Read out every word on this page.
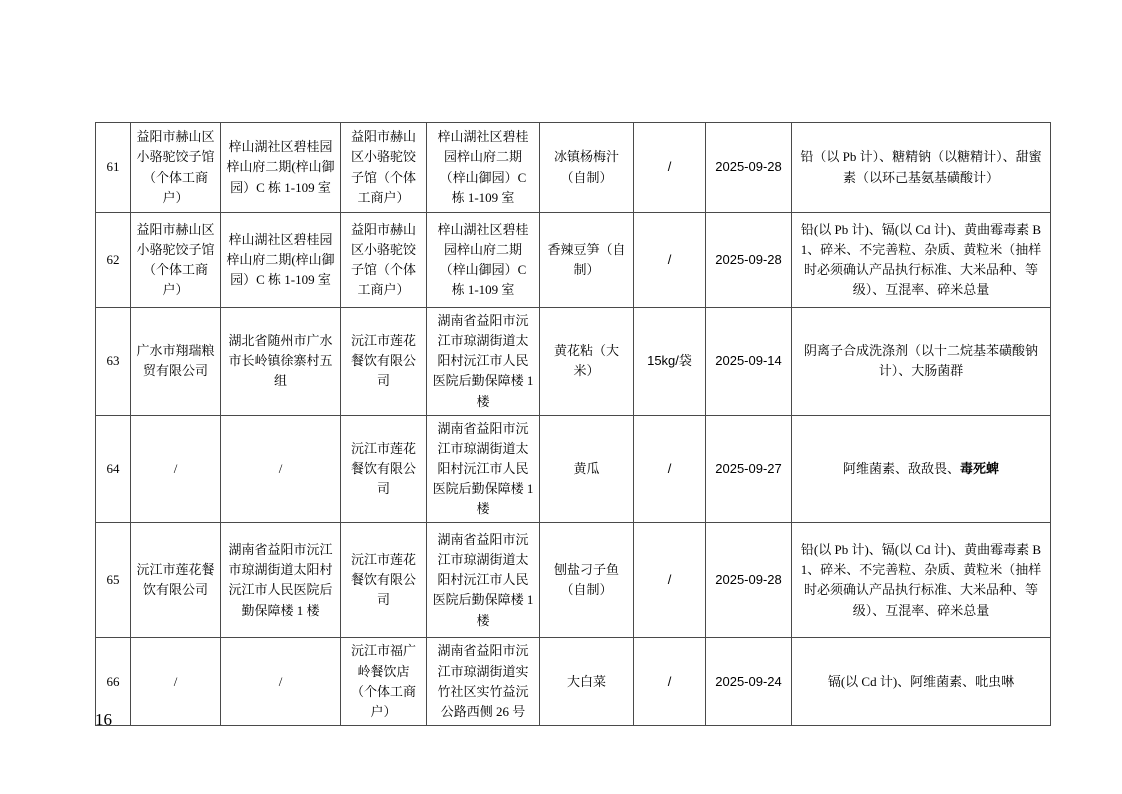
61	益阳市赫山区小骆驼饺子馆（个体工商户）	梓山湖社区碧桂园梓山府二期(梓山御园）C 栋 1-109 室	益阳市赫山区小骆驼饺子馆（个体工商户）	梓山湖社区碧桂园梓山府二期（梓山御园）C 栋 1-109 室	冰镇杨梅汁（自制）	/	2025-09-28	铅（以 Pb 计）、糖精钠（以糖精计）、甜蜜素（以环己基氨基磺酸计）
62	益阳市赫山区小骆驼饺子馆（个体工商户）	梓山湖社区碧桂园梓山府二期(梓山御园）C 栋 1-109 室	益阳市赫山区小骆驼饺子馆（个体工商户）	梓山湖社区碧桂园梓山府二期（梓山御园）C 栋 1-109 室	香辣豆笋（自制）	/	2025-09-28	铅(以 Pb 计)、镉(以 Cd 计)、黄曲霉毒素 B1、碎米、不完善粒、杂质、黄粒米（抽样时必须确认产品执行标准、大米品种、等级）、互混率、碎米总量
63	广水市翔瑞粮贸有限公司	湖北省随州市广水市长岭镇徐寨村五组	沅江市莲花餐饮有限公司	湖南省益阳市沅江市琼湖街道太阳村沅江市人民医院后勤保障楼 1 楼	黄花粘（大米）	15kg/袋	2025-09-14	阴离子合成洗涤剂（以十二烷基苯磺酸钠计）、大肠菌群
64	/	/	沅江市莲花餐饮有限公司	湖南省益阳市沅江市琼湖街道太阳村沅江市人民医院后勤保障楼 1 楼	黄瓜	/	2025-09-27	阿维菌素、敌敌畏、毒死蜱
65	沅江市莲花餐饮有限公司	湖南省益阳市沅江市琼湖街道太阳村沅江市人民医院后勤保障楼 1 楼	沅江市莲花餐饮有限公司	湖南省益阳市沅江市琼湖街道太阳村沅江市人民医院后勤保障楼 1 楼	刨盐刁子鱼（自制）	/	2025-09-28	铅(以 Pb 计)、镉(以 Cd 计)、黄曲霉毒素 B1、碎米、不完善粒、杂质、黄粒米（抽样时必须确认产品执行标准、大米品种、等级）、互混率、碎米总量
66	/	/	沅江市福广岭餐饮店（个体工商户）	湖南省益阳市沅江市琼湖街道实竹社区实竹益沅公路西侧 26 号	大白菜	/	2025-09-24	镉(以 Cd 计)、阿维菌素、吡虫啉
16
